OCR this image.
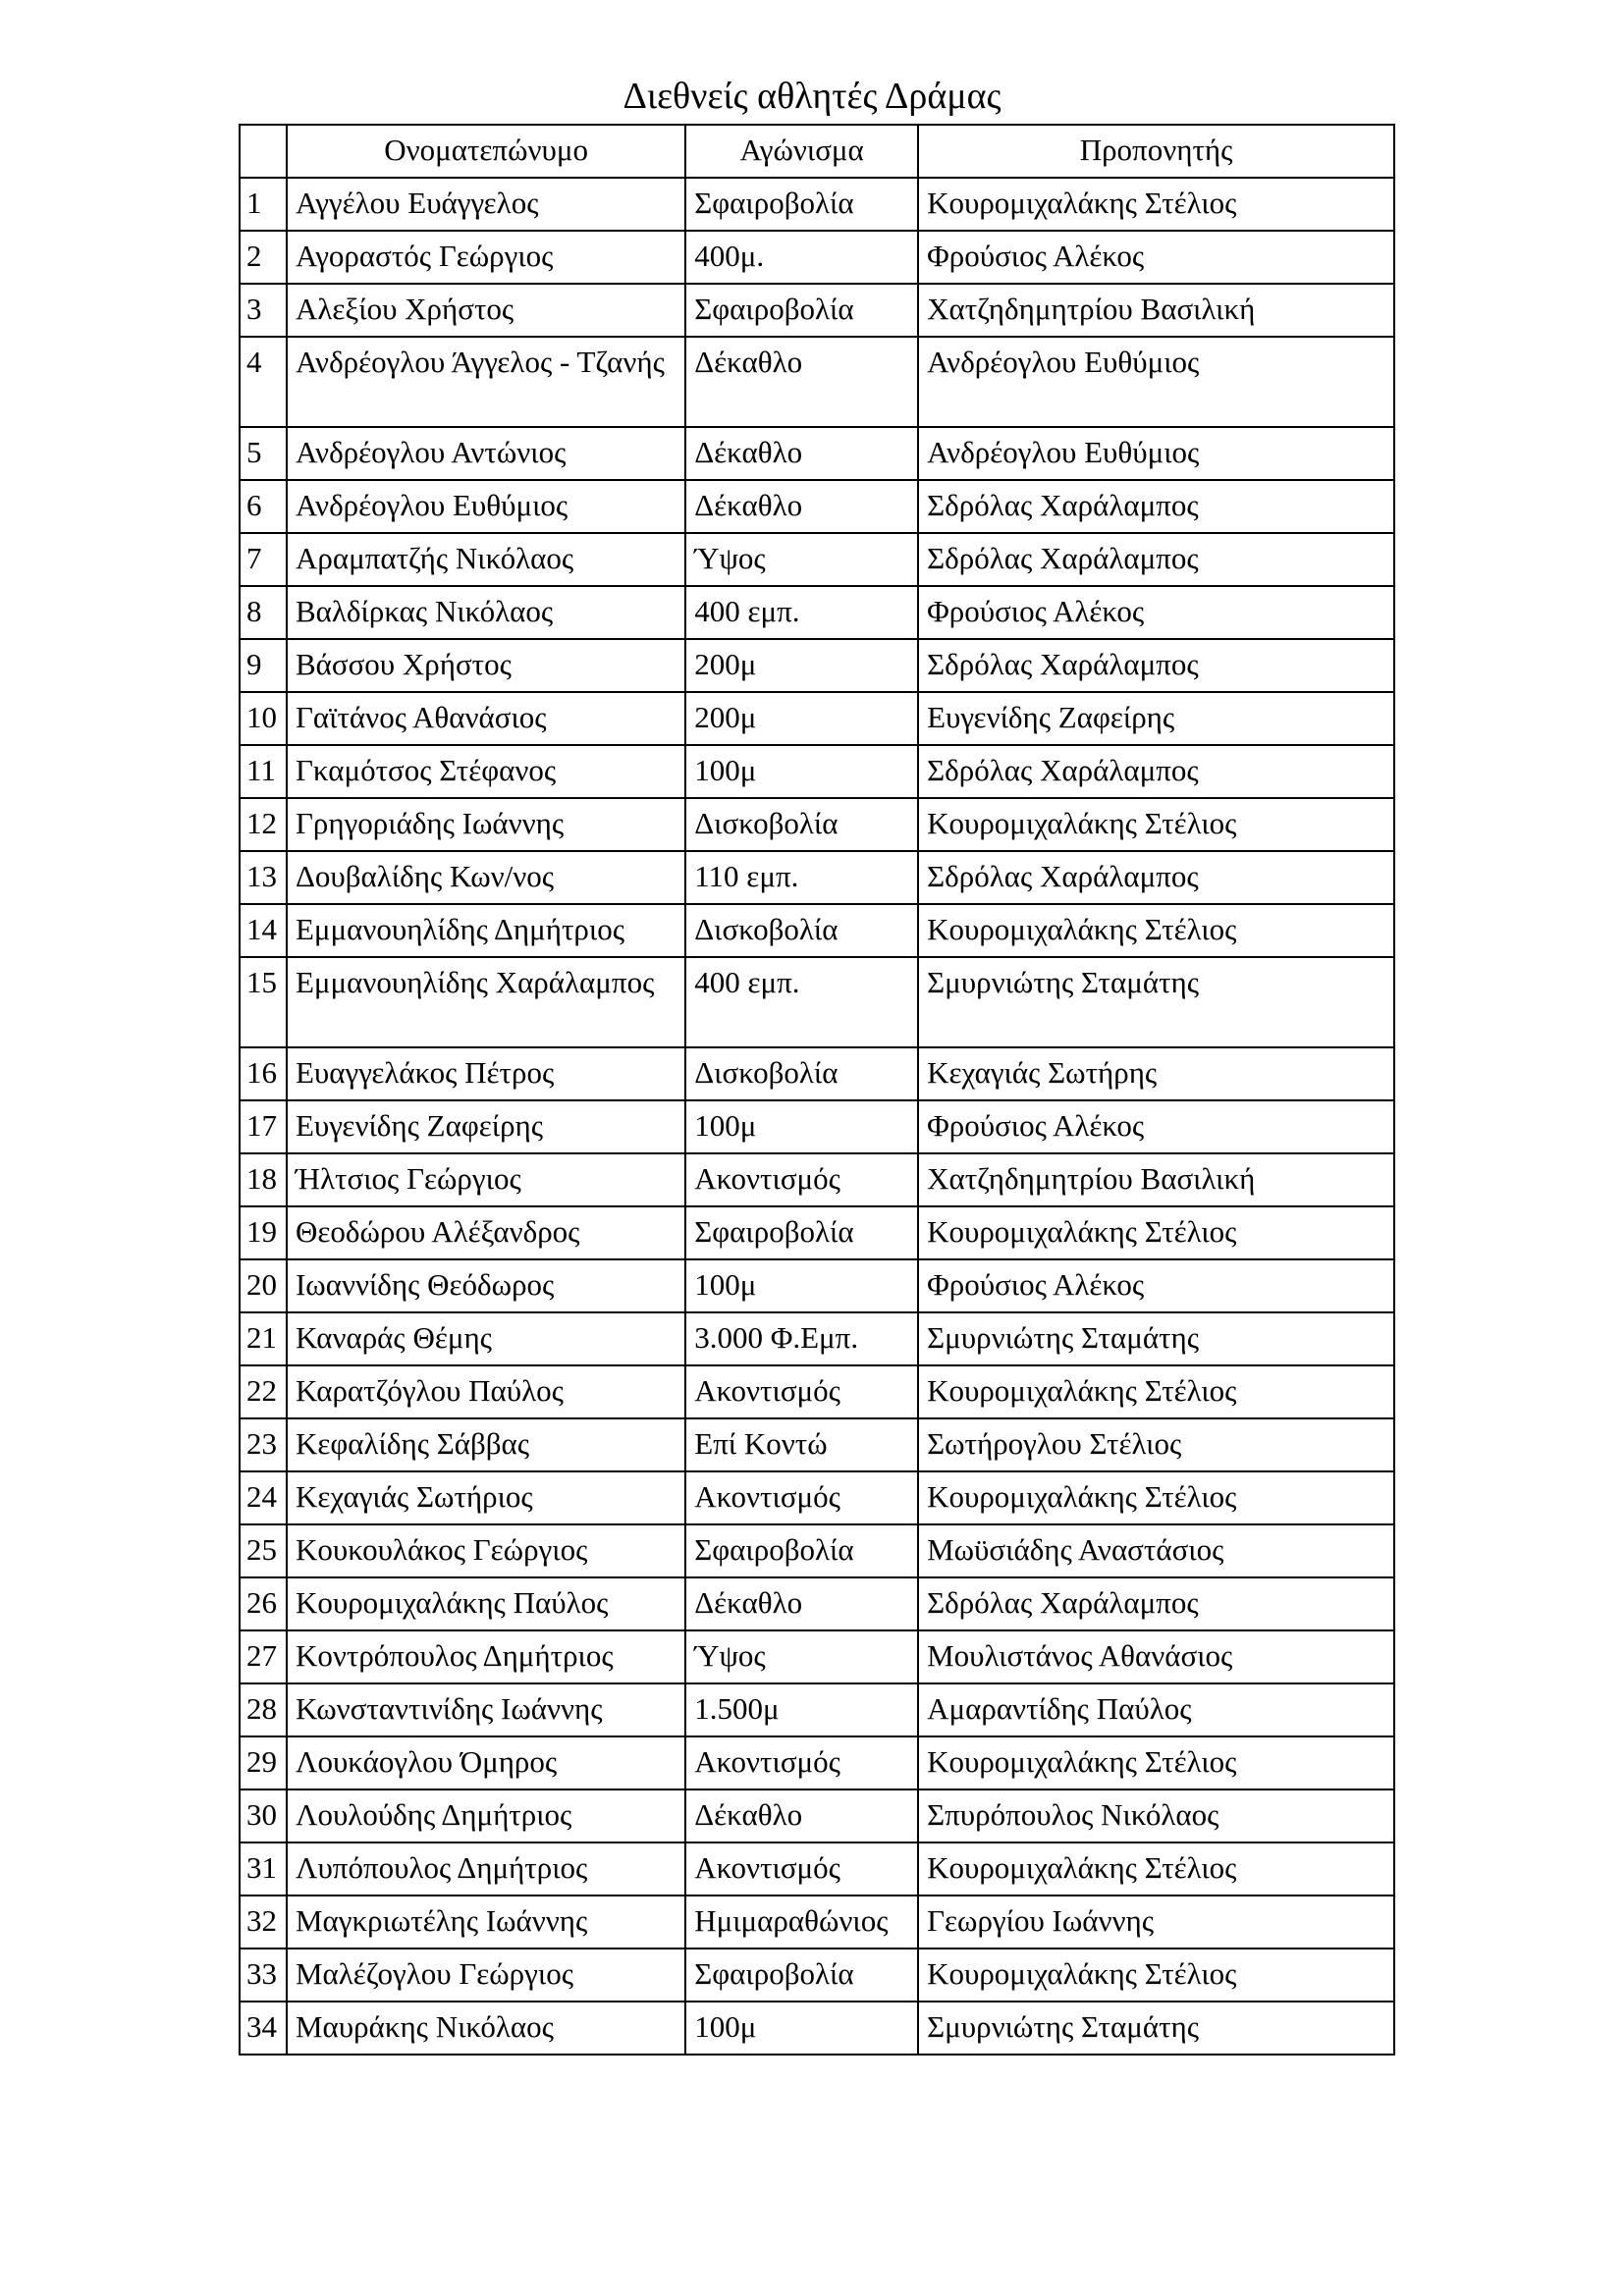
Διεθνείς αθλητές Δράμας
	Ονοματεπώνυμο	Αγώνισμα	Προπονητής
1	Αγγέλου Ευάγγελος	Σφαιροβολία	Κουρομιχαλάκης Στέλιος
2	Αγοραστός Γεώργιος	400μ.	Φρούσιος Αλέκος
3	Αλεξίου Χρήστος	Σφαιροβολία	Χατζηδημητρίου Βασιλική
4	Ανδρέογλου Άγγελος - Τζανής	Δέκαθλο	Ανδρέογλου Ευθύμιος
5	Ανδρέογλου Αντώνιος	Δέκαθλο	Ανδρέογλου Ευθύμιος
6	Ανδρέογλου Ευθύμιος	Δέκαθλο	Σδρόλας Χαράλαμπος
7	Αραμπατζής Νικόλαος	Ύψος	Σδρόλας Χαράλαμπος
8	Βαλδίρκας Νικόλαος	400 εμπ.	Φρούσιος Αλέκος
9	Βάσσου Χρήστος	200μ	Σδρόλας Χαράλαμπος
10	Γαϊτάνος Αθανάσιος	200μ	Ευγενίδης Ζαφείρης
11	Γκαμότσος Στέφανος	100μ	Σδρόλας Χαράλαμπος
12	Γρηγοριάδης Ιωάννης	Δισκοβολία	Κουρομιχαλάκης Στέλιος
13	Δουβαλίδης Κων/νος	110 εμπ.	Σδρόλας Χαράλαμπος
14	Εμμανουηλίδης Δημήτριος	Δισκοβολία	Κουρομιχαλάκης Στέλιος
15	Εμμανουηλίδης Χαράλαμπος	400 εμπ.	Σμυρνιώτης Σταμάτης
16	Ευαγγελάκος Πέτρος	Δισκοβολία	Κεχαγιάς Σωτήρης
17	Ευγενίδης Ζαφείρης	100μ	Φρούσιος Αλέκος
18	Ήλτσιος Γεώργιος	Ακοντισμός	Χατζηδημητρίου Βασιλική
19	Θεοδώρου Αλέξανδρος	Σφαιροβολία	Κουρομιχαλάκης Στέλιος
20	Ιωαννίδης Θεόδωρος	100μ	Φρούσιος Αλέκος
21	Καναράς Θέμης	3.000 Φ.Εμπ.	Σμυρνιώτης Σταμάτης
22	Καρατζόγλου Παύλος	Ακοντισμός	Κουρομιχαλάκης Στέλιος
23	Κεφαλίδης Σάββας	Επί Κοντώ	Σωτήρογλου Στέλιος
24	Κεχαγιάς Σωτήριος	Ακοντισμός	Κουρομιχαλάκης Στέλιος
25	Κουκουλάκος Γεώργιος	Σφαιροβολία	Μωϋσιάδης Αναστάσιος
26	Κουρομιχαλάκης Παύλος	Δέκαθλο	Σδρόλας Χαράλαμπος
27	Κοντρόπουλος Δημήτριος	Ύψος	Μουλιστάνος Αθανάσιος
28	Κωνσταντινίδης Ιωάννης	1.500μ	Αμαραντίδης Παύλος
29	Λουκάογλου Όμηρος	Ακοντισμός	Κουρομιχαλάκης Στέλιος
30	Λουλούδης Δημήτριος	Δέκαθλο	Σπυρόπουλος Νικόλαος
31	Λυπόπουλος Δημήτριος	Ακοντισμός	Κουρομιχαλάκης Στέλιος
32	Μαγκριωτέλης Ιωάννης	Ημιμαραθώνιος	Γεωργίου Ιωάννης
33	Μαλέζογλου Γεώργιος	Σφαιροβολία	Κουρομιχαλάκης Στέλιος
34	Μαυράκης Νικόλαος	100μ	Σμυρνιώτης Σταμάτης
